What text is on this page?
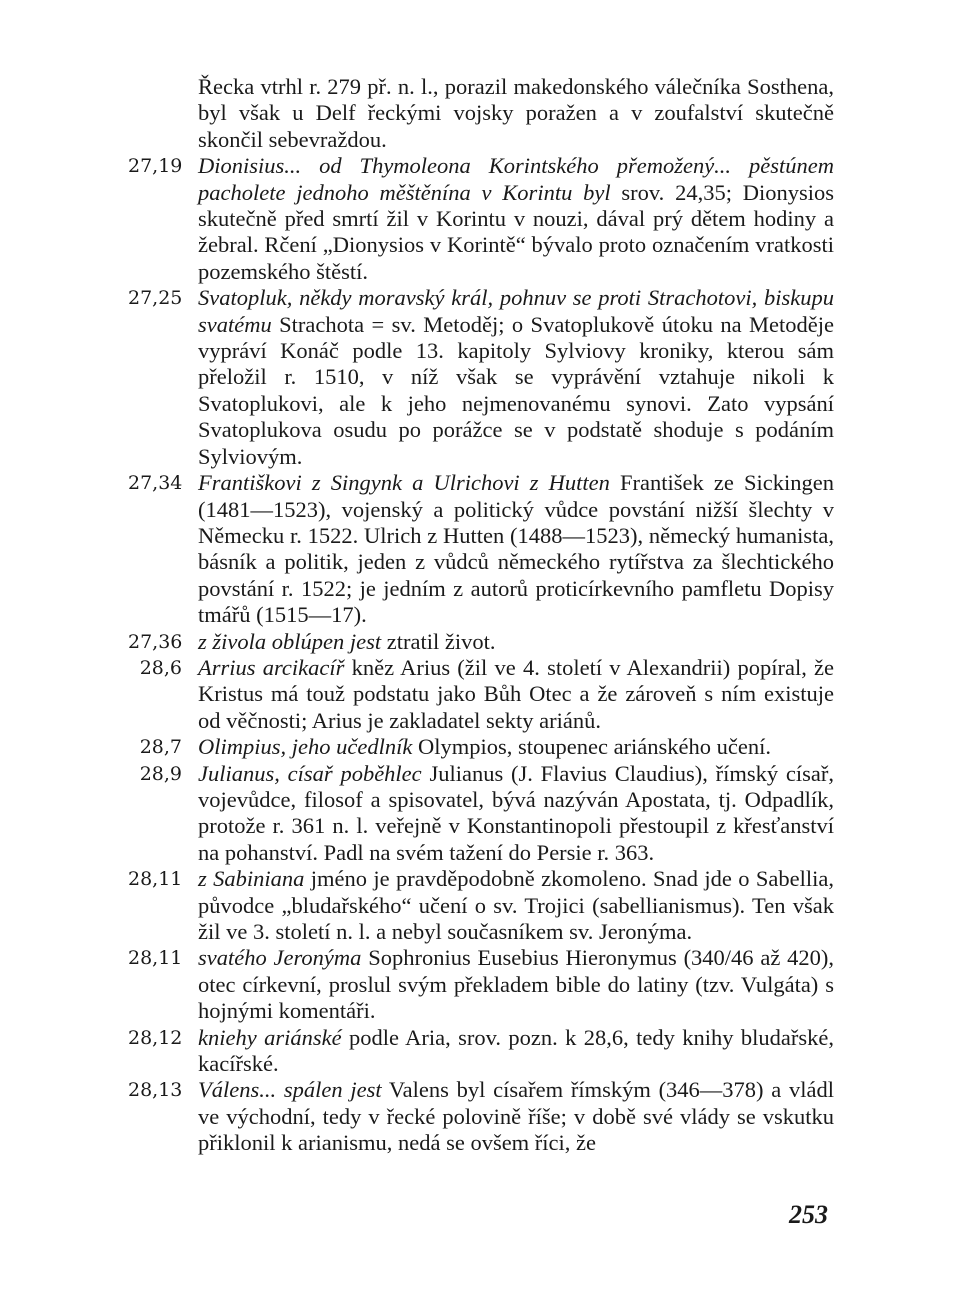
Řecka vtrhl r. 279 př. n. l., porazil makedonského válečníka Sosthena, byl však u Delf řeckými vojsky poražen a v zoufalství skutečně skončil sebevraždou.
27,19 Dionisius... od Thymoleona Korintského přemožený... pěstúnem pacholete jednoho měštěnína v Korintu byl srov. 24,35; Dionysios skutečně před smrtí žil v Korintu v nouzi, dával prý dětem hodiny a žebral. Rčení „Dionysios v Korintě“ bývalo proto označením vratkosti pozemského štěstí.
27,25 Svatopluk, někdy moravský král, pohnuv se proti Strachotovi, biskupu svatému Strachota = sv. Metoděj; o Svatoplukově útoku na Metoděje vypráví Konáč podle 13. kapitoly Sylviovy kroniky, kterou sám přeložil r. 1510, v níž však se vyprávění vztahuje nikoli k Svatoplukovi, ale k jeho nejmenovanému synovi. Zato vypsání Svatoplukova osudu po porážce se v podstatě shoduje s podáním Sylviovým.
27,34 Františkovi z Singynk a Ulrichovi z Hutten František ze Sickingen (1481—1523), vojenský a politický vůdce povstání nižší šlechty v Německu r. 1522. Ulrich z Hutten (1488—1523), německý humanista, básník a politik, jeden z vůdců německého rytířstva za šlechtického povstání r. 1522; je jedním z autorů proticírkevního pamfletu Dopisy tmářů (1515—17).
27,36 z živola oblúpen jest ztratil život.
28,6 Arrius arcikacíř kněz Arius (žil ve 4. století v Alexandrii) popíral, že Kristus má touž podstatu jako Bůh Otec a že zároveň s ním existuje od věčnosti; Arius je zakladatel sekty ariánů.
28,7 Olimpius, jeho učedlník Olympios, stoupenec ariánského učení.
28,9 Julianus, císař poběhlec Julianus (J. Flavius Claudius), římský císař, vojevůdce, filosof a spisovatel, bývá nazýván Apostata, tj. Odpadlík, protože r. 361 n. l. veřejně v Konstantinopoli přestoupil z křesťanství na pohanství. Padl na svém tažení do Persie r. 363.
28,11 z Sabiniana jméno je pravděpodobně zkomoleno. Snad jde o Sabellia, původce „bludařského“ učení o sv. Trojici (sabellianismus). Ten však žil ve 3. století n. l. a nebyl současníkem sv. Jeronýma.
28,11 svatého Jeronýma Sophronius Eusebius Hieronymus (340/46 až 420), otec církevní, proslul svým překladem bible do latiny (tzv. Vulgáta) s hojnými komentáři.
28,12 kniehy ariánské podle Aria, srov. pozn. k 28,6, tedy knihy bludařské, kacířské.
28,13 Válens... spálen jest Valens byl císařem římským (346—378) a vládl ve východní, tedy v řecké polovině říše; v době své vlády se vskutku přiklonil k arianismu, nedá se ovšem říci, že
253
